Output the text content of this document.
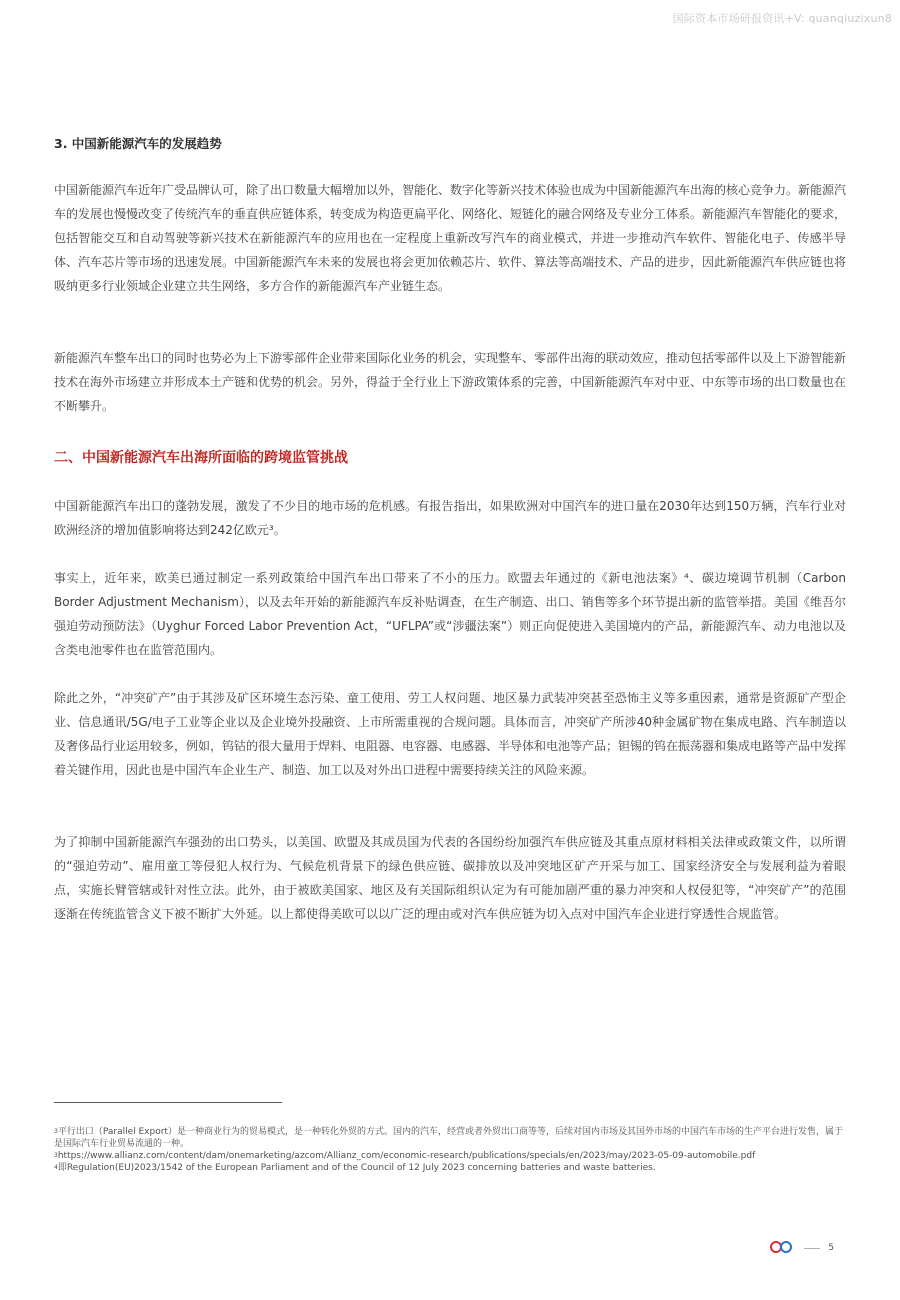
国际资本市场研报资讯+V: quanqiuzixun8
3. 中国新能源汽车的发展趋势

中国新能源汽车近年广受品牌认可，除了出口数量大幅增加以外，智能化、数字化等新兴技术体验也成为中国新能源汽车出海的核心竞争力。新能源汽车的发展也慢慢改变了传统汽车的垂直供应链体系，转变成为构造更扁平化、网络化、短链化的融合网络及专业分工体系。新能源汽车智能化的要求，包括智能交互和自动驾驶等新兴技术在新能源汽车的应用也在一定程度上重新改写汽车的商业模式，并进一步推动汽车软件、智能化电子、传感半导体、汽车芯片等市场的迅速发展。中国新能源汽车未来的发展也将会更加依赖芯片、软件、算法等高端技术、产品的进步，因此新能源汽车供应链也将吸纳更多行业领域企业建立共生网络，多方合作的新能源汽车产业链生态。

新能源汽车整车出口的同时也势必为上下游零部件企业带来国际化业务的机会，实现整车、零部件出海的联动效应，推动包括零部件以及上下游智能新技术在海外市场建立并形成本土产链和优势的机会。另外，得益于全行业上下游政策体系的完善，中国新能源汽车对中亚、中东等市场的出口数量也在不断攀升。

二、中国新能源汽车出海所面临的跨境监管挑战

中国新能源汽车出口的蓬勃发展，激发了不少目的地市场的危机感。有报告指出，如果欧洲对中国汽车的进口量在2030年达到150万辆，汽车行业对欧洲经济的增加值影响将达到242亿欧元³。

事实上，近年来，欧美已通过制定一系列政策给中国汽车出口带来了不小的压力。欧盟去年通过的《新电池法案》⁴、碳边境调节机制（Carbon Border Adjustment Mechanism），以及去年开始的新能源汽车反补贴调查，在生产制造、出口、销售等多个环节提出新的监管举措。美国《维吾尔强迫劳动预防法》（Uyghur Forced Labor Prevention Act，“UFLPA”或“涉疆法案”）则正向促使进入美国境内的产品，新能源汽车、动力电池以及含类电池零件也在监管范围内。

除此之外，“冲突矿产”由于其涉及矿区环境生态污染、童工使用、劳工人权问题、地区暴力武装冲突甚至恐怖主义等多重因素，通常是资源矿产型企业、信息通讯/5G/电子工业等企业以及企业境外投融资、上市所需重视的合规问题。具体而言，冲突矿产所涉40种金属矿物在集成电路、汽车制造以及奢侈品行业运用较多，例如，钨钴的很大量用于焊料、电阻器、电容器、电感器、半导体和电池等产品；钽锡的钨在振荡器和集成电路等产品中发挥着关键作用，因此也是中国汽车企业生产、制造、加工以及对外出口进程中需要持续关注的风险来源。

为了抑制中国新能源汽车强劲的出口势头，以美国、欧盟及其成员国为代表的各国纷纷加强汽车供应链及其重点原材料相关法律或政策文件，以所谓的“强迫劳动”、雇用童工等侵犯人权行为、气候危机背景下的绿色供应链、碳排放以及冲突地区矿产开采与加工、国家经济安全与发展利益为着眼点，实施长臂管辖或针对性立法。此外，由于被欧美国家、地区及有关国际组织认定为有可能加剧严重的暴力冲突和人权侵犯等，“冲突矿产”的范围逐渐在传统监管含义下被不断扩大外延。以上都使得美欧可以以广泛的理由或对汽车供应链为切入点对中国汽车企业进行穿透性合规监管。

$^3$平行出口（Parallel Export）是一种商业行为的贸易模式，是一种转化外贸的方式。国内的汽车，经营或者外贸出口商等等，后续对国内市场及其国外市场的中国汽车市场的生产平台进行发售，属于是国际汽车行业贸易流通的一种。

$^3$https://www.allianz.com/content/dam/onemarketing/azcom/Allianz_com/economic-research/publications/specials/en/2023/may/2023-05-09-automobile.pdf

$^4$即Regulation(EU)2023/1542 of the European Parliament and of the Council of 12 July 2023 concerning batteries and waste batteries.

5
